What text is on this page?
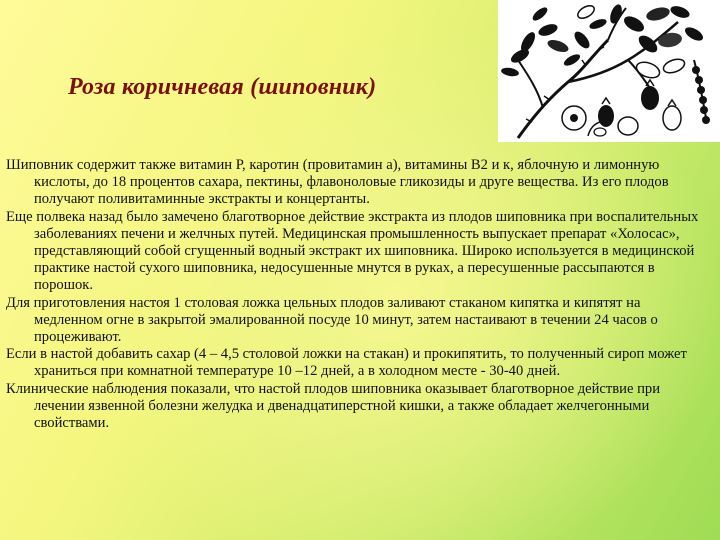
Роза коричневая (шиповник)
Шиповник содержит также витамин Р, каротин (провитамин а), витамины В2 и к, яблочную и лимонную кислоты, до 18 процентов сахара, пектины, флавоноловые гликозиды и друге вещества. Из его плодов получают поливитаминные экстракты и концертанты.
Еще полвека назад было замечено благотворное действие экстракта из плодов шиповника при воспалительных заболеваниях печени и желчных путей. Медицинская промышленность выпускает препарат «Холосас», представляющий собой сгущенный водный экстракт их шиповника. Широко используется в медицинской практике настой сухого шиповника, недосушенные мнутся в руках, а пересушенные рассыпаются в порошок.
Для приготовления настоя 1 столовая ложка цельных плодов заливают стаканом кипятка и кипятят на медленном огне в закрытой эмалированной посуде 10 минут, затем настаивают в течении 24 часов о процеживают.
Если в настой добавить сахар (4 – 4,5 столовой ложки на стакан) и прокипятить, то полученный сироп может храниться при комнатной температуре 10 –12 дней, а в холодном месте - 30-40 дней.
Клинические наблюдения показали, что настой плодов шиповника оказывает благотворное действие при лечении язвенной болезни желудка и двенадцатиперстной кишки, а также обладает желчегонными свойствами.
